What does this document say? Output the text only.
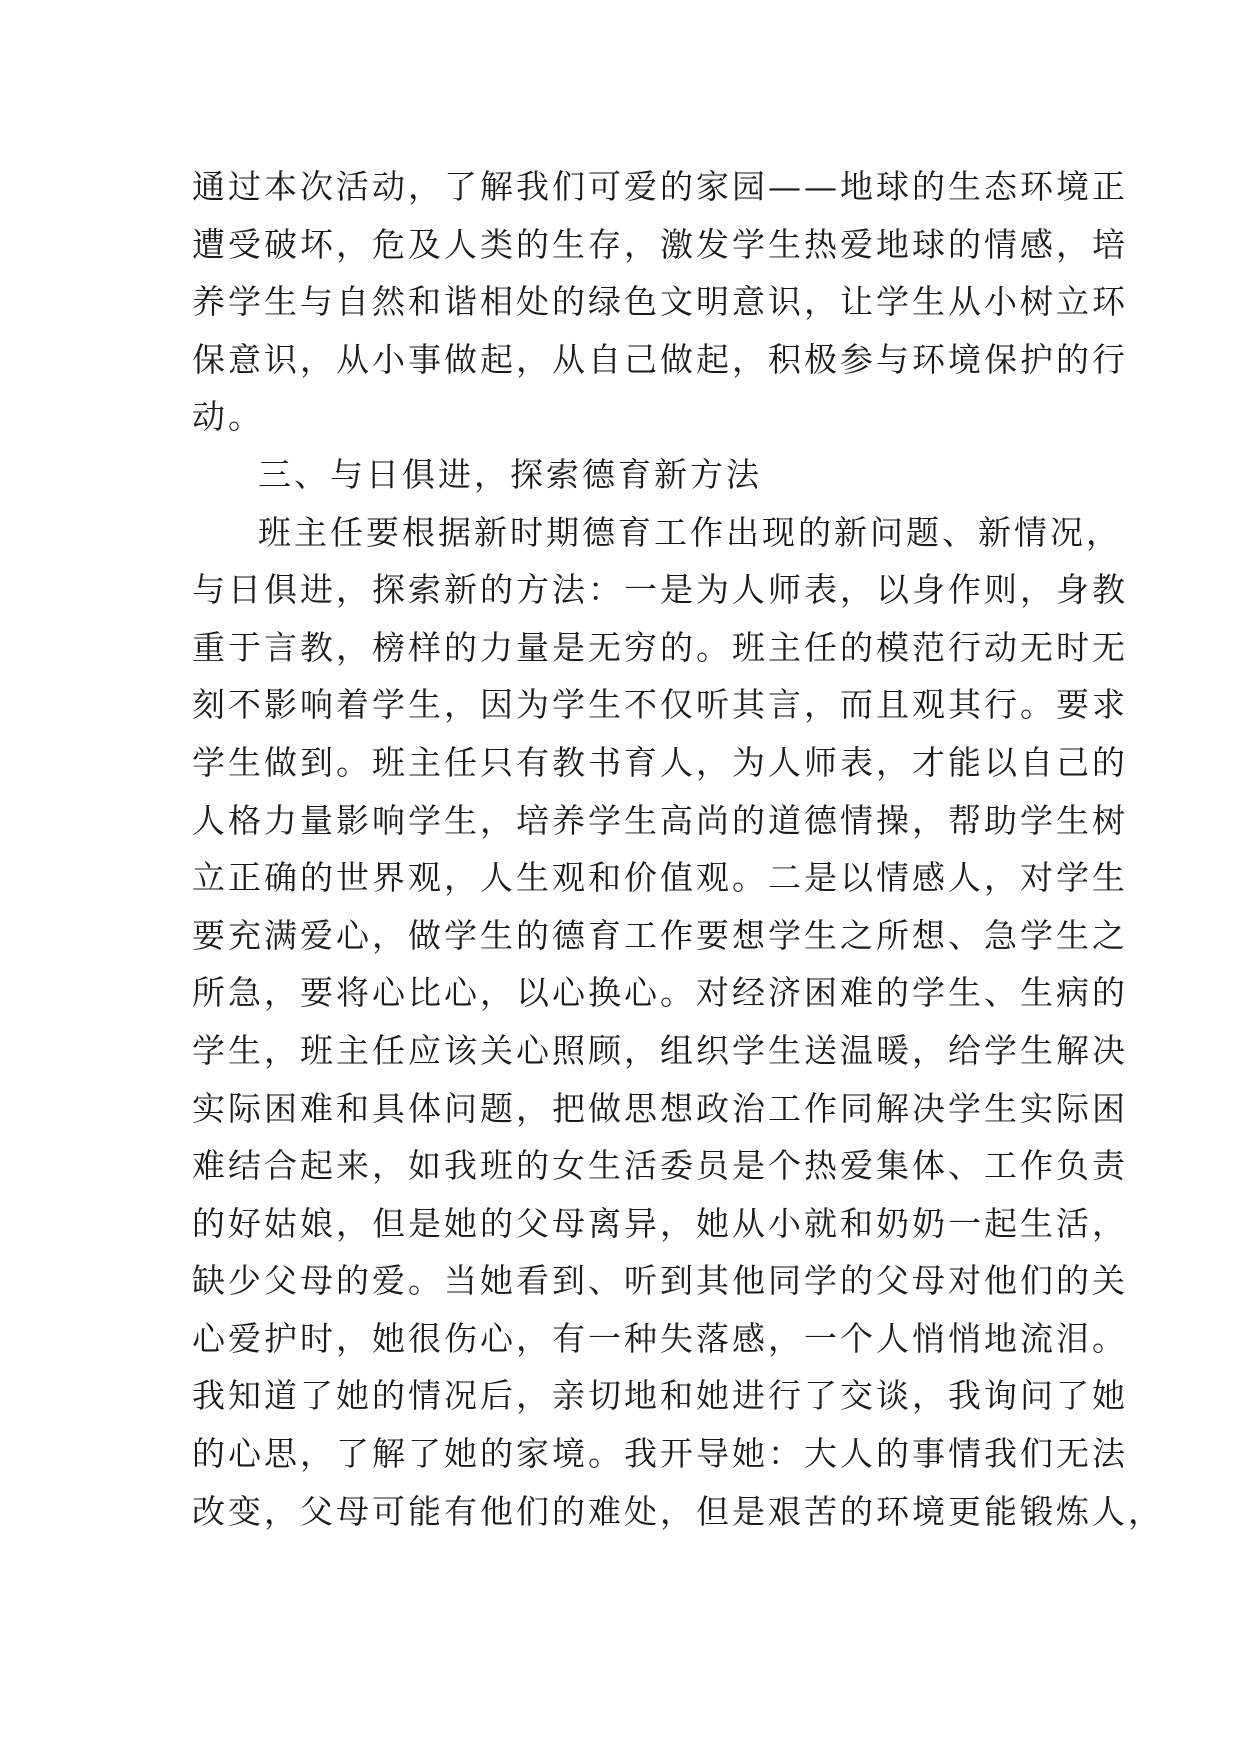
通过本次活动，了解我们可爱的家园——地球的生态环境正
遭受破坏，危及人类的生存，激发学生热爱地球的情感，培
养学生与自然和谐相处的绿色文明意识，让学生从小树立环
保意识，从小事做起，从自己做起，积极参与环境保护的行
动。
三、与日俱进，探索德育新方法
班主任要根据新时期德育工作出现的新问题、新情况，
与日俱进，探索新的方法：一是为人师表，以身作则，身教
重于言教，榜样的力量是无穷的。班主任的模范行动无时无
刻不影响着学生，因为学生不仅听其言，而且观其行。要求
学生做到。班主任只有教书育人，为人师表，才能以自己的
人格力量影响学生，培养学生高尚的道德情操，帮助学生树
立正确的世界观，人生观和价值观。二是以情感人，对学生
要充满爱心，做学生的德育工作要想学生之所想、急学生之
所急，要将心比心，以心换心。对经济困难的学生、生病的
学生，班主任应该关心照顾，组织学生送温暖，给学生解决
实际困难和具体问题，把做思想政治工作同解决学生实际困
难结合起来，如我班的女生活委员是个热爱集体、工作负责
的好姑娘，但是她的父母离异，她从小就和奶奶一起生活，
缺少父母的爱。当她看到、听到其他同学的父母对他们的关
心爱护时，她很伤心，有一种失落感，一个人悄悄地流泪。
我知道了她的情况后，亲切地和她进行了交谈，我询问了她
的心思，了解了她的家境。我开导她：大人的事情我们无法
改变，父母可能有他们的难处，但是艰苦的环境更能锻炼人，
